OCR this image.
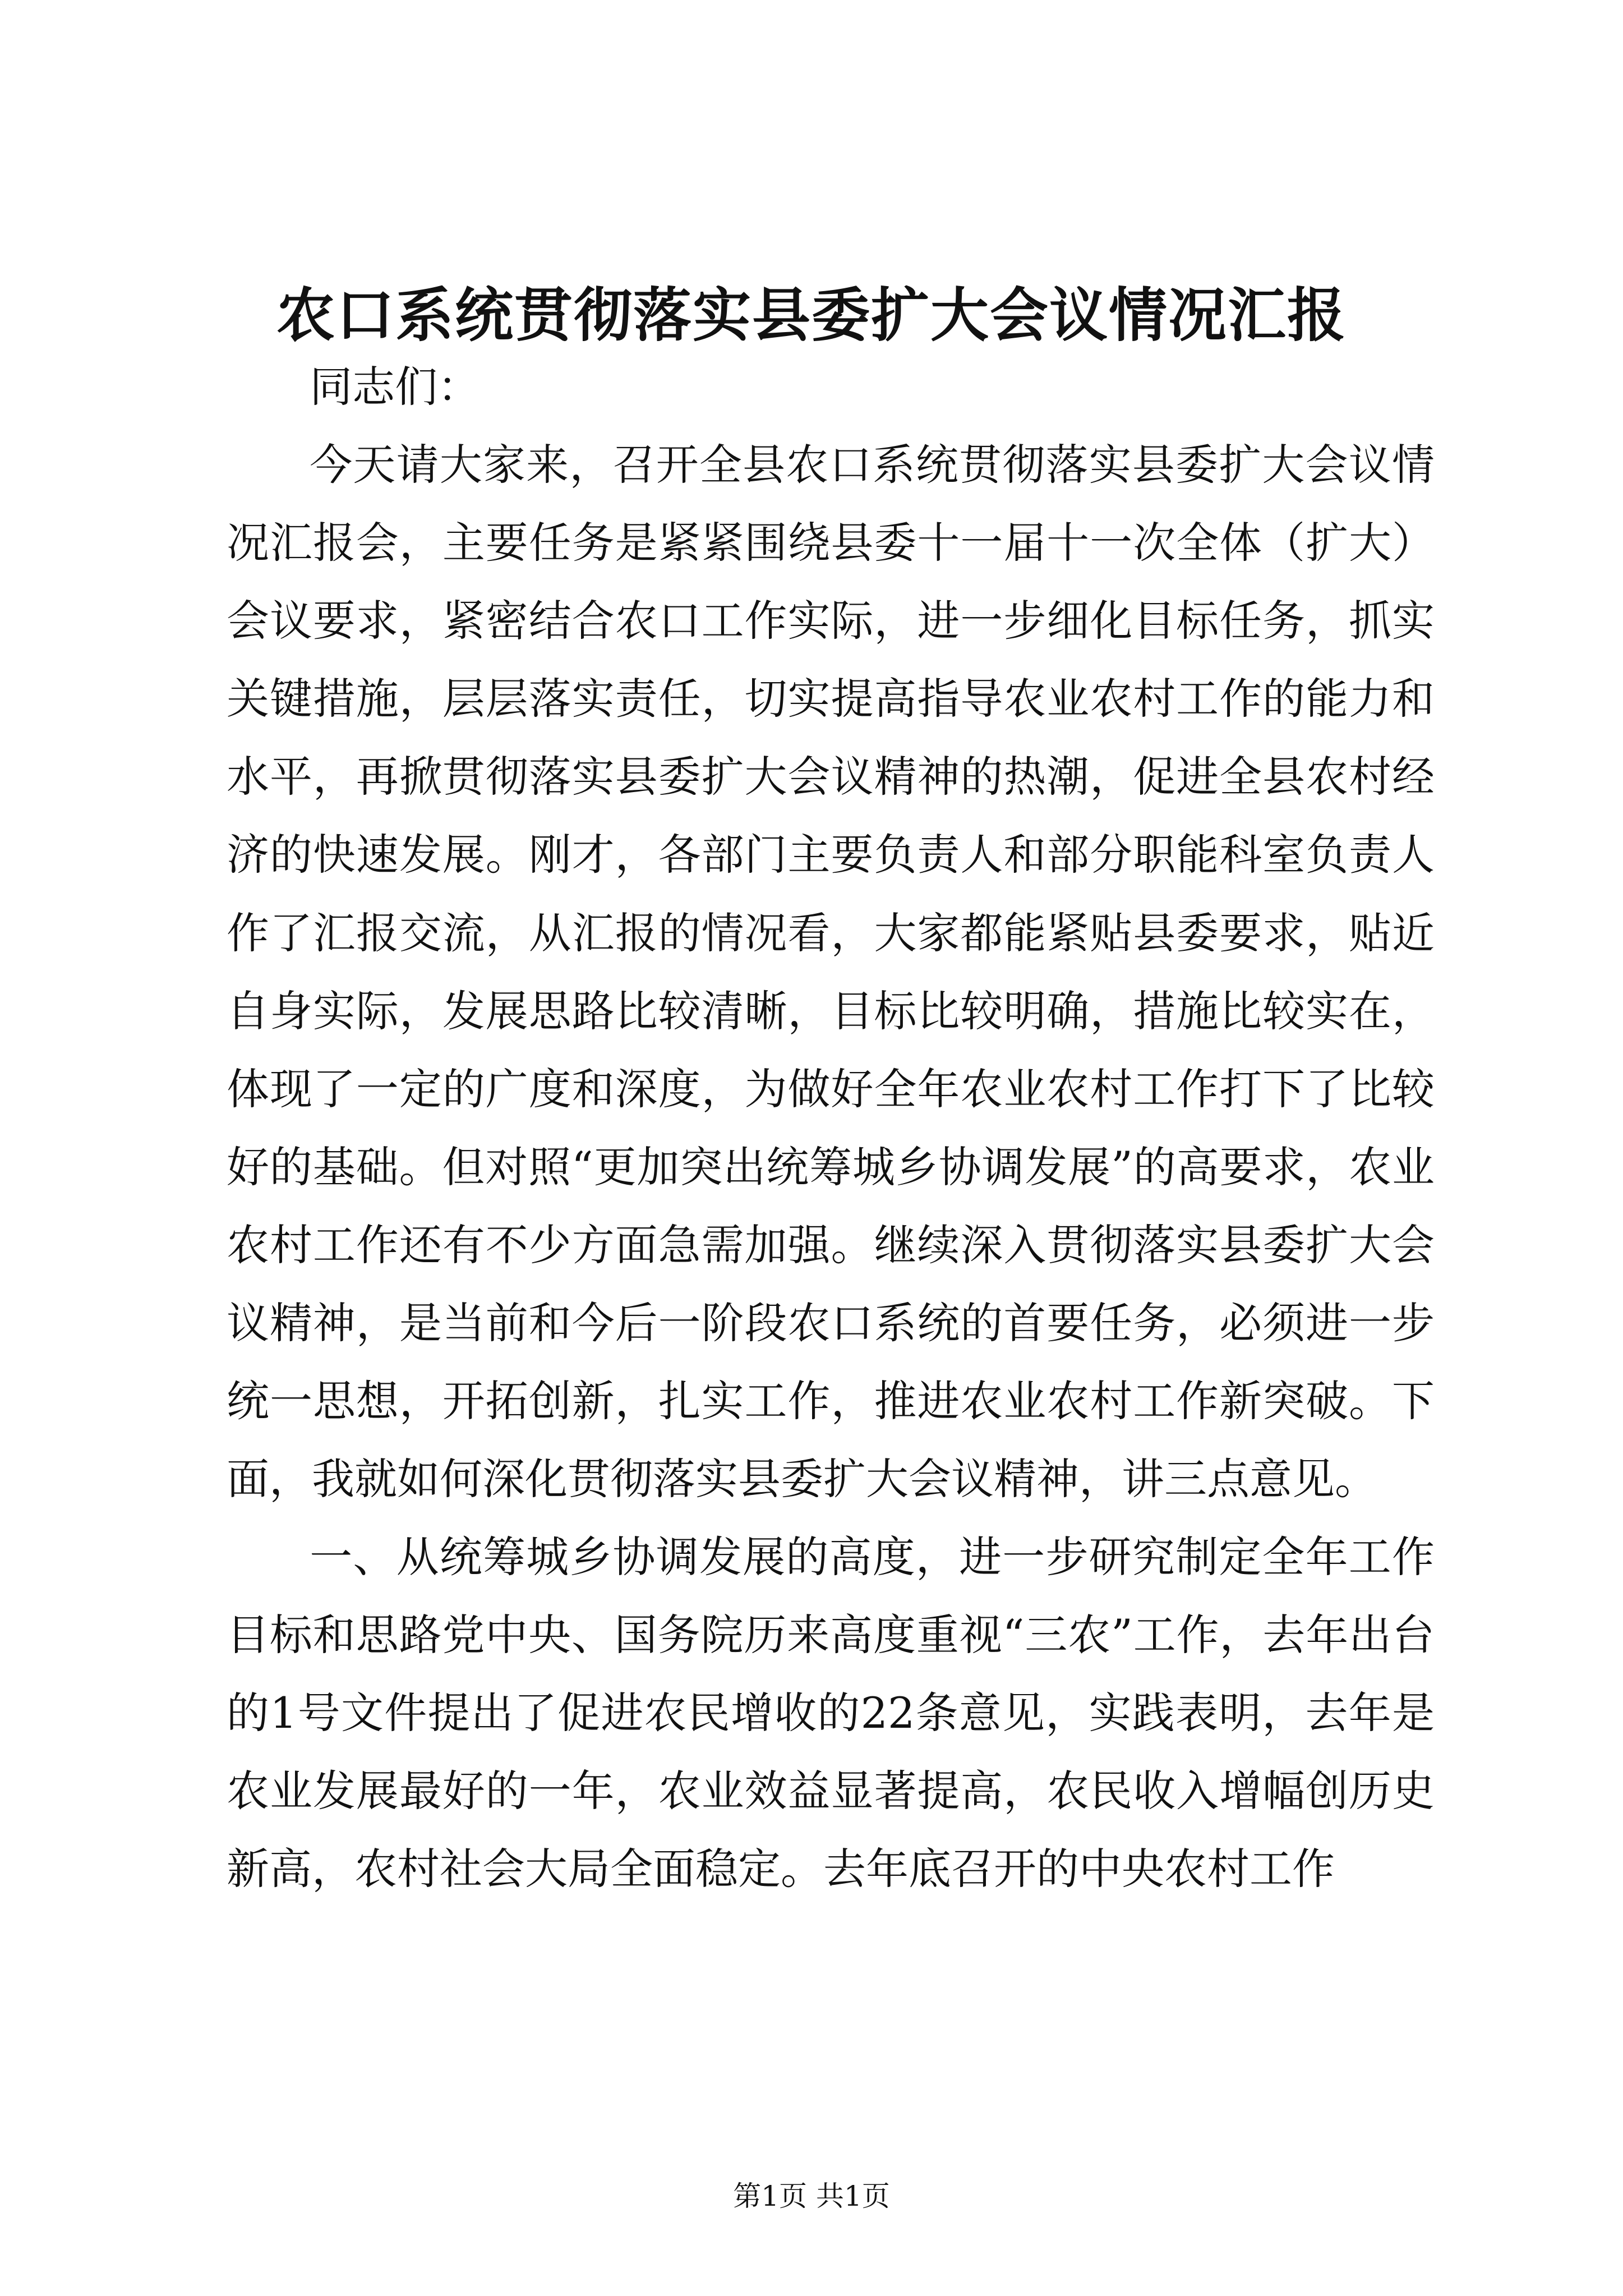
农口系统贯彻落实县委扩大会议情况汇报

同志们：

今天请大家来，召开全县农口系统贯彻落实县委扩大会议情况汇报会，主要任务是紧紧围绕县委十一届十一次全体（扩大）会议要求，紧密结合农口工作实际，进一步细化目标任务，抓实关键措施，层层落实责任，切实提高指导农业农村工作的能力和水平，再掀贯彻落实县委扩大会议精神的热潮，促进全县农村经济的快速发展。刚才，各部门主要负责人和部分职能科室负责人作了汇报交流，从汇报的情况看，大家都能紧贴县委要求，贴近自身实际，发展思路比较清晰，目标比较明确，措施比较实在，体现了一定的广度和深度，为做好全年农业农村工作打下了比较好的基础。但对照“更加突出统筹城乡协调发展”的高要求，农业农村工作还有不少方面急需加强。继续深入贯彻落实县委扩大会议精神，是当前和今后一阶段农口系统的首要任务，必须进一步统一思想，开拓创新，扎实工作，推进农业农村工作新突破。下面，我就如何深化贯彻落实县委扩大会议精神，讲三点意见。

一、从统筹城乡协调发展的高度，进一步研究制定全年工作目标和思路党中央、国务院历来高度重视“三农”工作，去年出台的1号文件提出了促进农民增收的22条意见，实践表明，去年是农业发展最好的一年，农业效益显著提高，农民收入增幅创历史新高，农村社会大局全面稳定。去年底召开的中央农村工作

第1页 共1页
